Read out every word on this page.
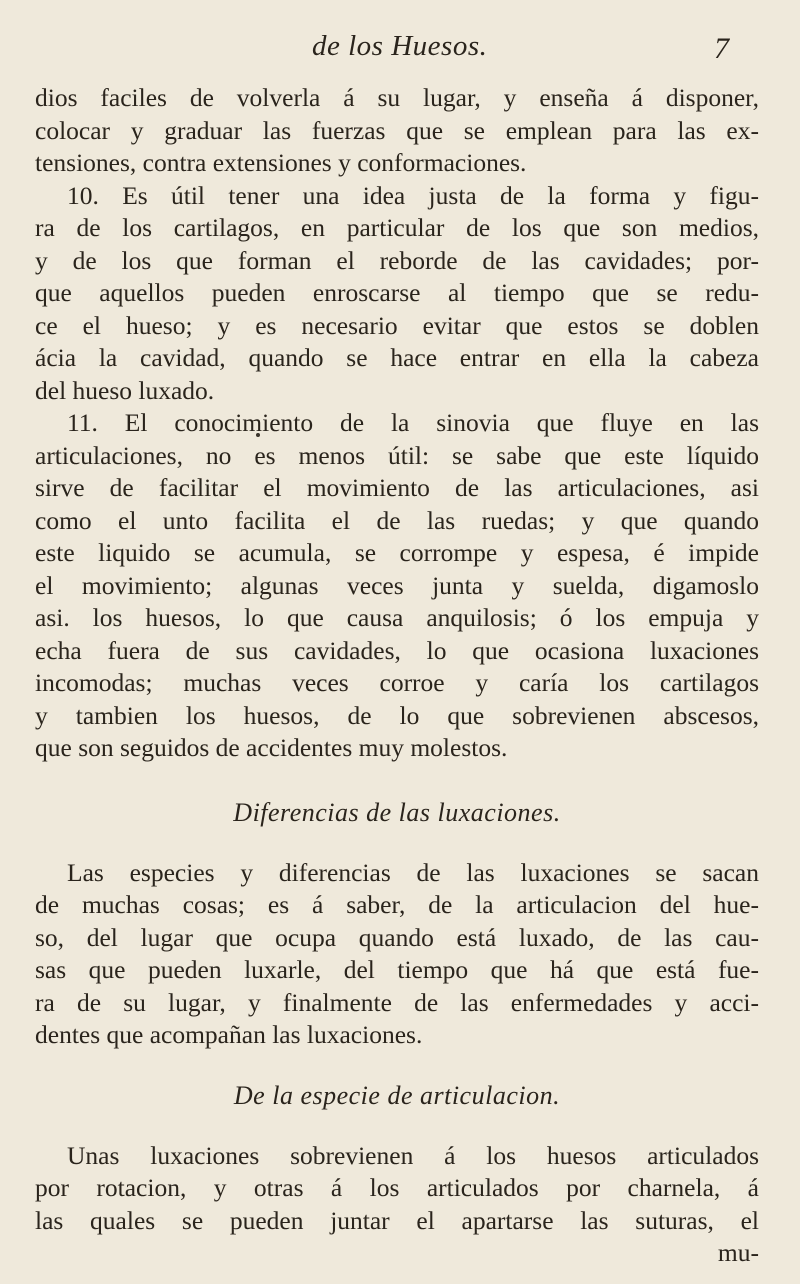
de los Huesos.	7
dios faciles de volverla á su lugar, y enseña á disponer,
colocar y graduar las fuerzas que se emplean para las ex-
tensiones, contra extensiones y conformaciones.
10. Es útil tener una idea justa de la forma y figu-
ra de los cartilagos, en particular de los que son medios,
y de los que forman el reborde de las cavidades; por-
que aquellos pueden enroscarse al tiempo que se redu-
ce el hueso; y es necesario evitar que estos se doblen
ácia la cavidad, quando se hace entrar en ella la cabeza
del hueso luxado.
11. El conocimiento de la sinovia que fluye en las
articulaciones, no es menos útil: se sabe que este líquido
sirve de facilitar el movimiento de las articulaciones, asi
como el unto facilita el de las ruedas; y que quando
este liquido se acumula, se corrompe y espesa, é impide
el movimiento; algunas veces junta y suelda, digamoslo
asi. los huesos, lo que causa anquilosis; ó los empuja y
echa fuera de sus cavidades, lo que ocasiona luxaciones
incomodas; muchas veces corroe y caría los cartilagos
y tambien los huesos, de lo que sobrevienen abscesos,
que son seguidos de accidentes muy molestos.
Diferencias de las luxaciones.
Las especies y diferencias de las luxaciones se sacan
de muchas cosas; es á saber, de la articulacion del hue-
so, del lugar que ocupa quando está luxado, de las cau-
sas que pueden luxarle, del tiempo que há que está fue-
ra de su lugar, y finalmente de las enfermedades y acci-
dentes que acompañan las luxaciones.
De la especie de articulacion.
Unas luxaciones sobrevienen á los huesos articulados
por rotacion, y otras á los articulados por charnela, á
las quales se pueden juntar el apartarse las suturas, el
mu-
